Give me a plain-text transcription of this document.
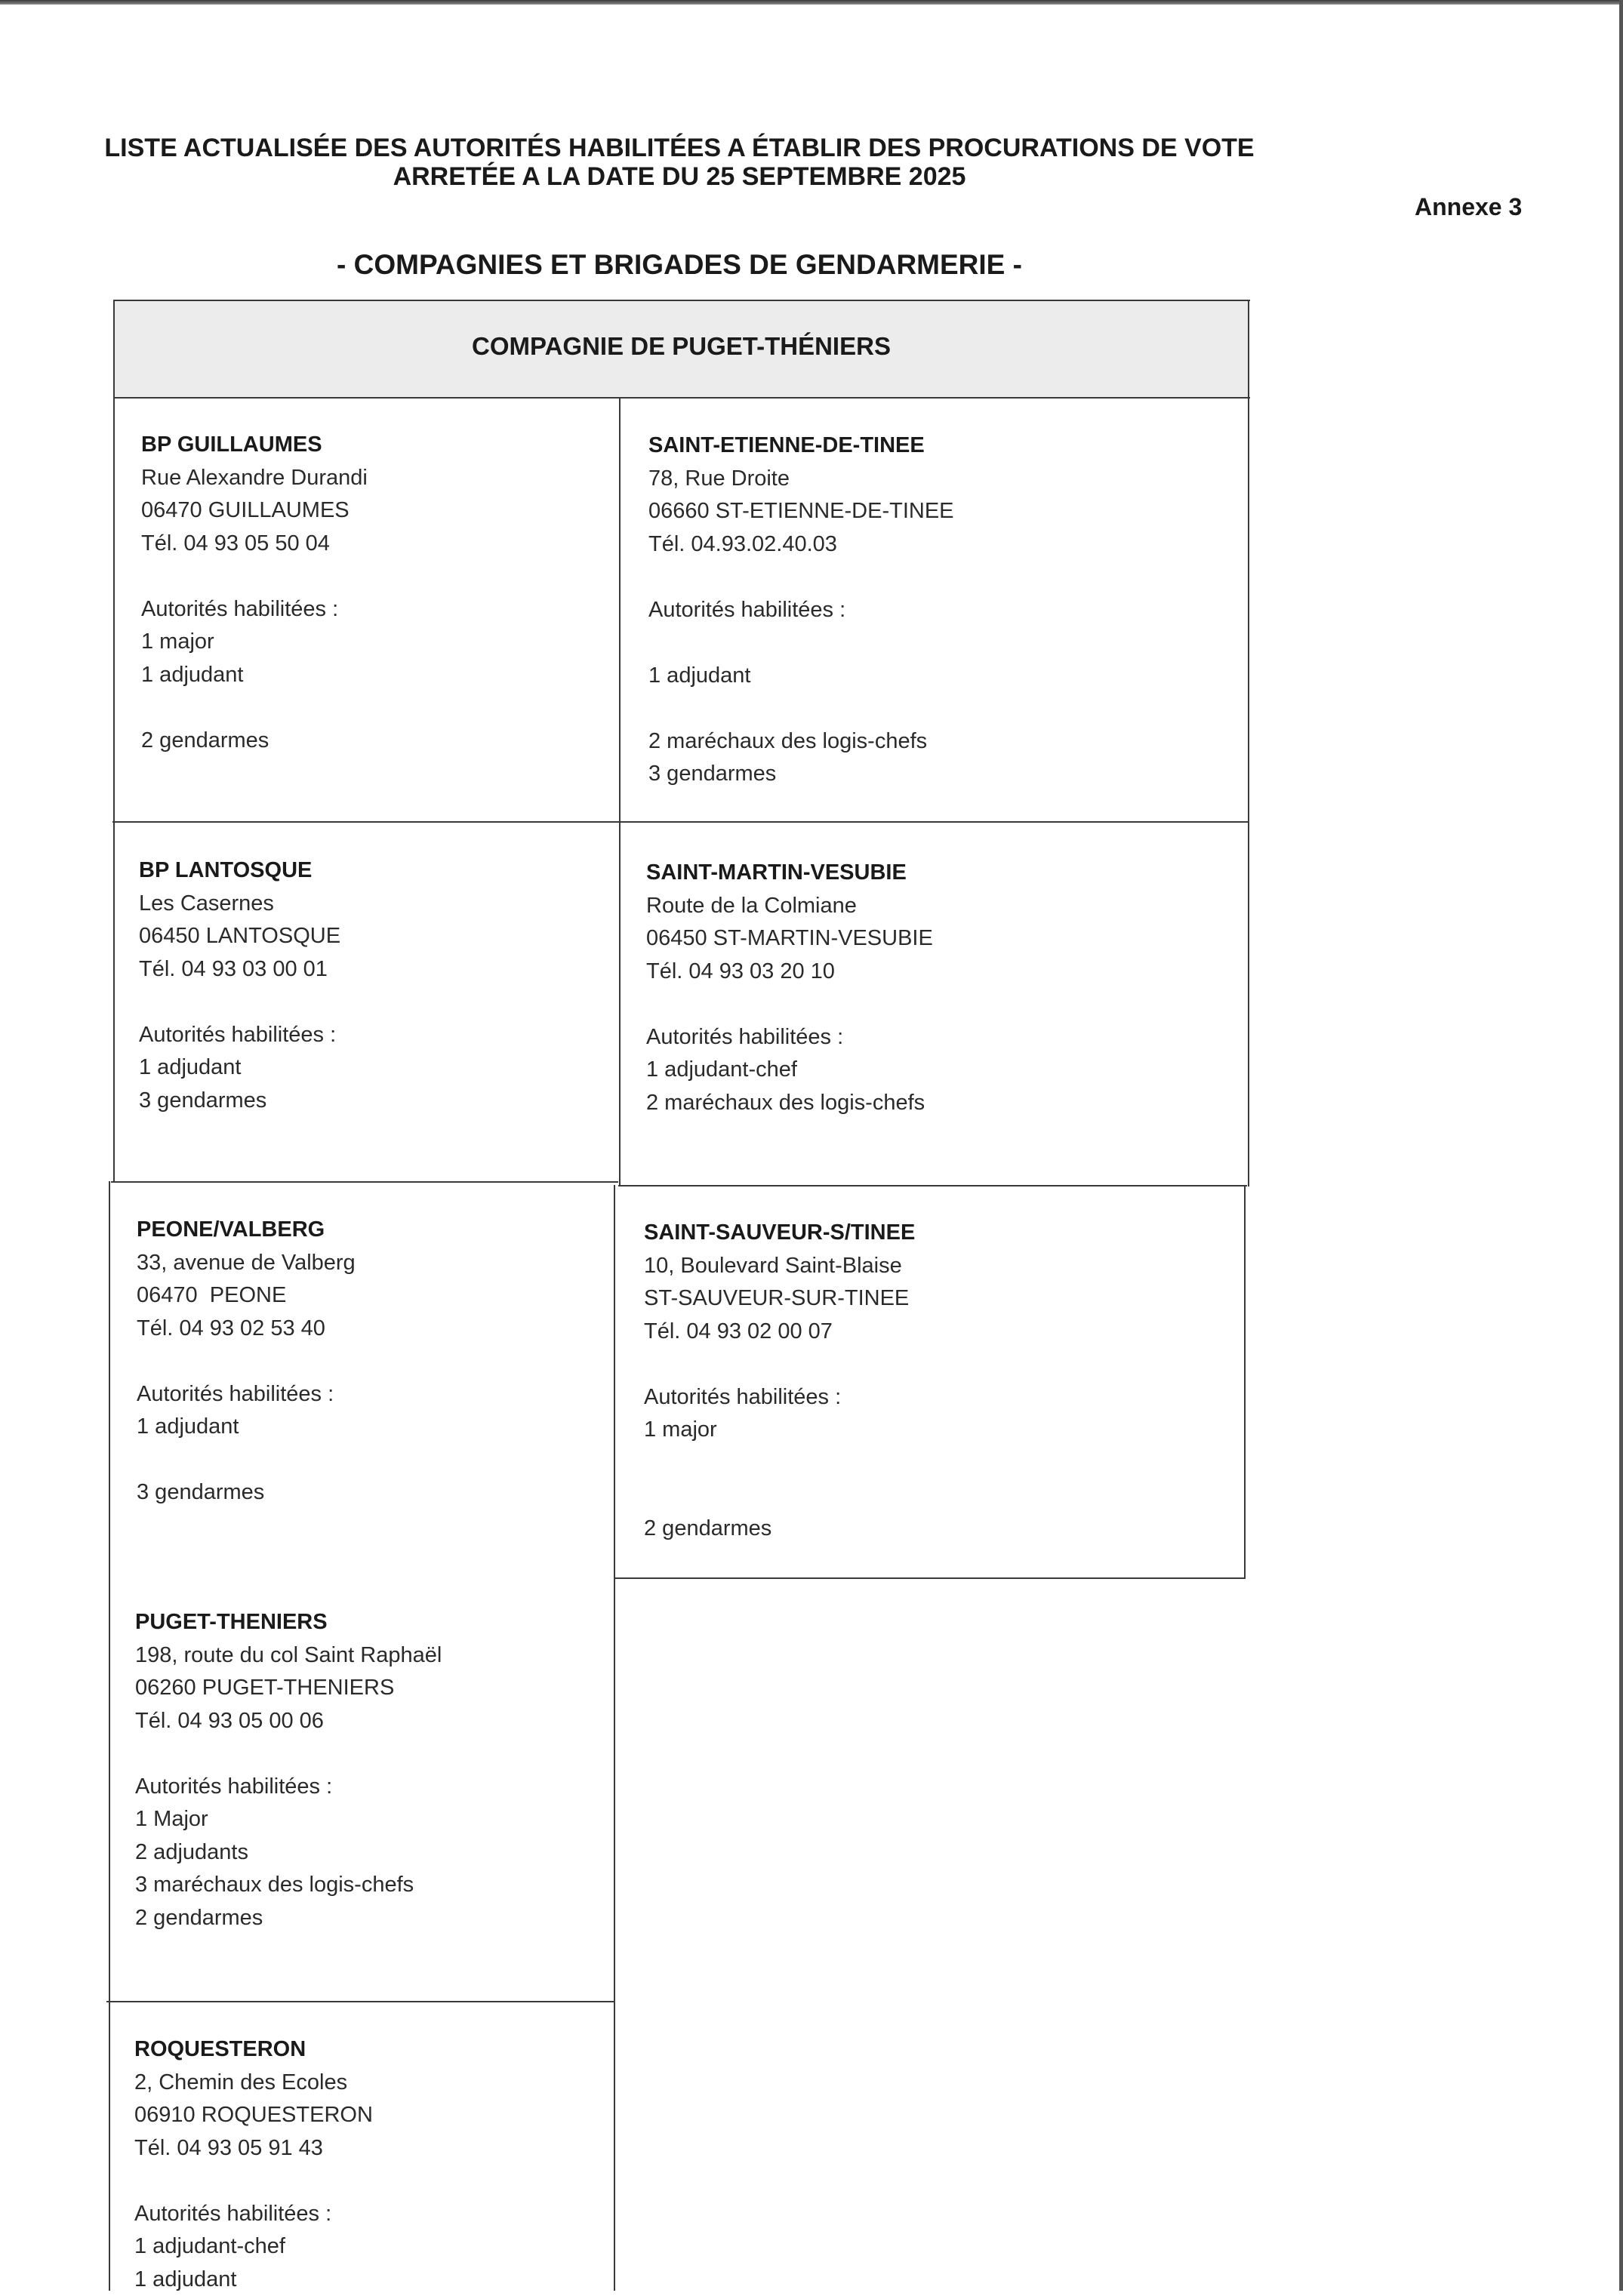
LISTE ACTUALISÉE DES AUTORITÉS HABILITÉES A ÉTABLIR DES PROCURATIONS DE VOTE
ARRETÉE A LA DATE DU 25 SEPTEMBRE 2025
Annexe 3
- COMPAGNIES ET BRIGADES DE GENDARMERIE -
COMPAGNIE DE PUGET-THÉNIERS
BP GUILLAUMES
Rue Alexandre Durandi
06470 GUILLAUMES
Tél. 04 93 05 50 04
Autorités habilitées :
1 major
1 adjudant
2 gendarmes
SAINT-ETIENNE-DE-TINEE
78, Rue Droite
06660 ST-ETIENNE-DE-TINEE
Tél. 04.93.02.40.03
Autorités habilitées :
1 adjudant
2 maréchaux des logis-chefs
3 gendarmes
BP LANTOSQUE
Les Casernes
06450 LANTOSQUE
Tél. 04 93 03 00 01
Autorités habilitées :
1 adjudant
3 gendarmes
SAINT-MARTIN-VESUBIE
Route de la Colmiane
06450 ST-MARTIN-VESUBIE
Tél. 04 93 03 20 10
Autorités habilitées :
1 adjudant-chef
2 maréchaux des logis-chefs
PEONE/VALBERG
33, avenue de Valberg
06470  PEONE
Tél. 04 93 02 53 40
Autorités habilitées :
1 adjudant
3 gendarmes
SAINT-SAUVEUR-S/TINEE
10, Boulevard Saint-Blaise
ST-SAUVEUR-SUR-TINEE
Tél. 04 93 02 00 07
Autorités habilitées :
1 major
2 gendarmes
PUGET-THENIERS
198, route du col Saint Raphaël
06260 PUGET-THENIERS
Tél. 04 93 05 00 06
Autorités habilitées :
1 Major
2 adjudants
3 maréchaux des logis-chefs
2 gendarmes
ROQUESTERON
2, Chemin des Ecoles
06910 ROQUESTERON
Tél. 04 93 05 91 43
Autorités habilitées :
1 adjudant-chef
1 adjudant
